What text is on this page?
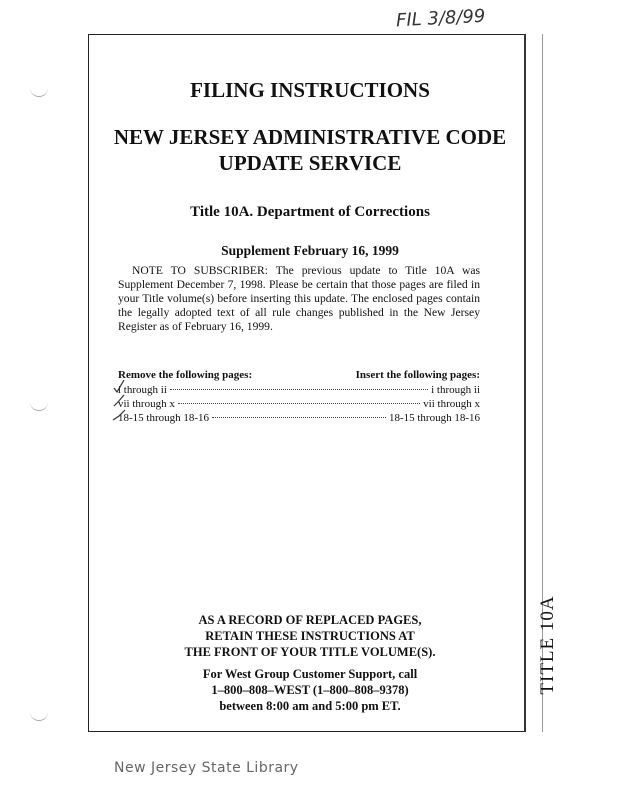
FIL 3/8/99
FILING INSTRUCTIONS
NEW JERSEY ADMINISTRATIVE CODE
UPDATE SERVICE
Title 10A. Department of Corrections
Supplement February 16, 1999
NOTE TO SUBSCRIBER: The previous update to Title 10A was Supplement December 7, 1998. Please be certain that those pages are filed in your Title volume(s) before inserting this update. The enclosed pages contain the legally adopted text of all rule changes published in the New Jersey Register as of February 16, 1999.
Remove the following pages:	Insert the following pages:
i through ii	i through ii
vii through x	vii through x
18-15 through 18-16	18-15 through 18-16
AS A RECORD OF REPLACED PAGES,
RETAIN THESE INSTRUCTIONS AT
THE FRONT OF YOUR TITLE VOLUME(S).
For West Group Customer Support, call
1–800–808–WEST (1–800–808–9378)
between 8:00 am and 5:00 pm ET.
TITLE 10A
New Jersey State Library
